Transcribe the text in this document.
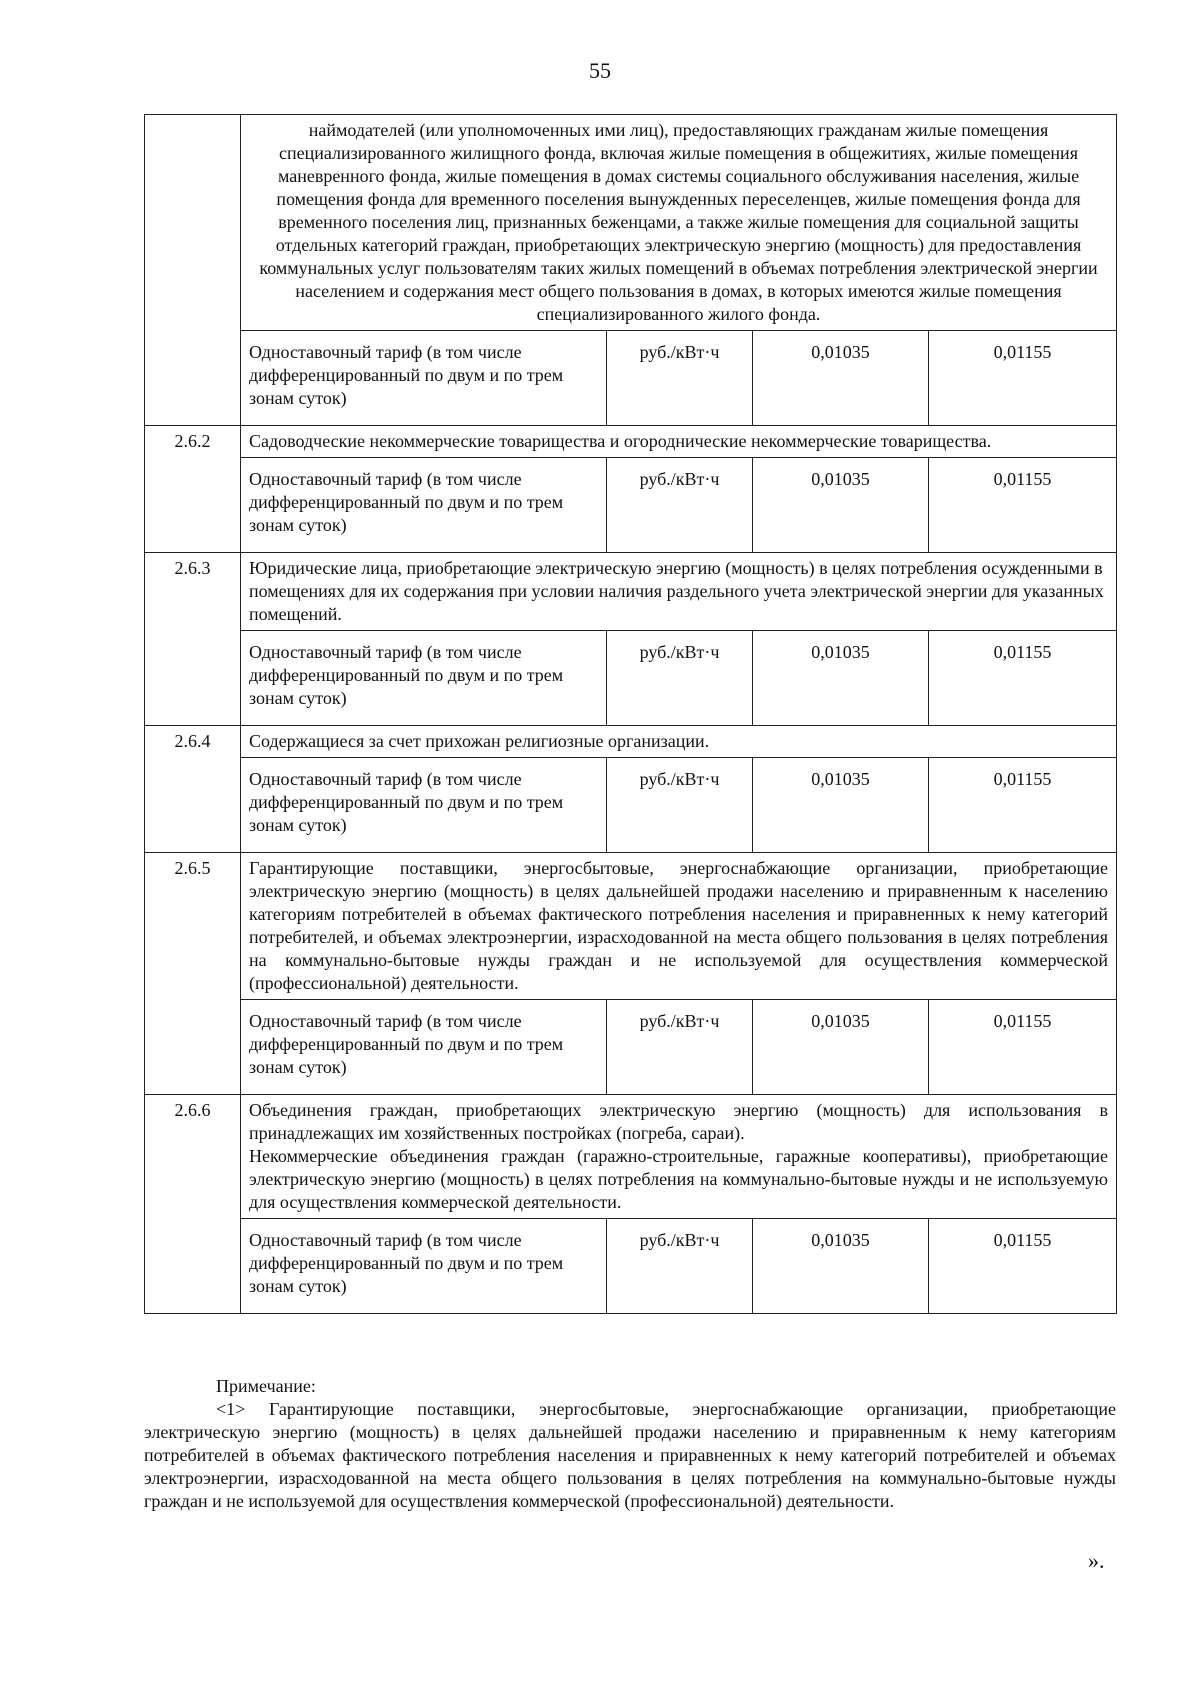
55
	наймодателей (или уполномоченных ими лиц), предоставляющих гражданам жилые помещения специализированного жилищного фонда, включая жилые помещения в общежитиях, жилые помещения маневренного фонда, жилые помещения в домах системы социального обслуживания населения, жилые помещения фонда для временного поселения вынужденных переселенцев, жилые помещения фонда для временного поселения лиц, признанных беженцами, а также жилые помещения для социальной защиты отдельных категорий граждан, приобретающих электрическую энергию (мощность) для предоставления коммунальных услуг пользователям таких жилых помещений в объемах потребления электрической энергии населением и содержания мест общего пользования в домах, в которых имеются жилые помещения специализированного жилого фонда.			
	Одноставочный тариф (в том числе дифференцированный по двум и по трем зонам суток)	руб./кВт·ч	0,01035	0,01155
2.6.2	Садоводческие некоммерческие товарищества и огороднические некоммерческие товарищества.			
	Одноставочный тариф (в том числе дифференцированный по двум и по трем зонам суток)	руб./кВт·ч	0,01035	0,01155
2.6.3	Юридические лица, приобретающие электрическую энергию (мощность) в целях потребления осужденными в помещениях для их содержания при условии наличия раздельного учета электрической энергии для указанных помещений.			
	Одноставочный тариф (в том числе дифференцированный по двум и по трем зонам суток)	руб./кВт·ч	0,01035	0,01155
2.6.4	Содержащиеся за счет прихожан религиозные организации.			
	Одноставочный тариф (в том числе дифференцированный по двум и по трем зонам суток)	руб./кВт·ч	0,01035	0,01155
2.6.5	Гарантирующие поставщики, энергосбытовые, энергоснабжающие организации, приобретающие электрическую энергию (мощность) в целях дальнейшей продажи населению и приравненным к населению категориям потребителей в объемах фактического потребления населения и приравненных к нему категорий потребителей, и объемах электроэнергии, израсходованной на места общего пользования в целях потребления на коммунально-бытовые нужды граждан и не используемой для осуществления коммерческой (профессиональной) деятельности.			
	Одноставочный тариф (в том числе дифференцированный по двум и по трем зонам суток)	руб./кВт·ч	0,01035	0,01155
2.6.6	Объединения граждан, приобретающих электрическую энергию (мощность) для использования в принадлежащих им хозяйственных постройках (погреба, сараи).
Некоммерческие объединения граждан (гаражно-строительные, гаражные кооперативы), приобретающие электрическую энергию (мощность) в целях потребления на коммунально-бытовые нужды и не используемую для осуществления коммерческой деятельности.			

	Одноставочный тариф (в том числе дифференцированный по двум и по трем зонам суток)	руб./кВт·ч	0,01035	0,01155
Примечание:
<1> Гарантирующие поставщики, энергосбытовые, энергоснабжающие организации, приобретающие электрическую энергию (мощность) в целях дальнейшей продажи населению и приравненным к нему категориям потребителей в объемах фактического потребления населения и приравненных к нему категорий потребителей и объемах электроэнергии, израсходованной на места общего пользования в целях потребления на коммунально-бытовые нужды граждан и не используемой для осуществления коммерческой (профессиональной) деятельности.
».
